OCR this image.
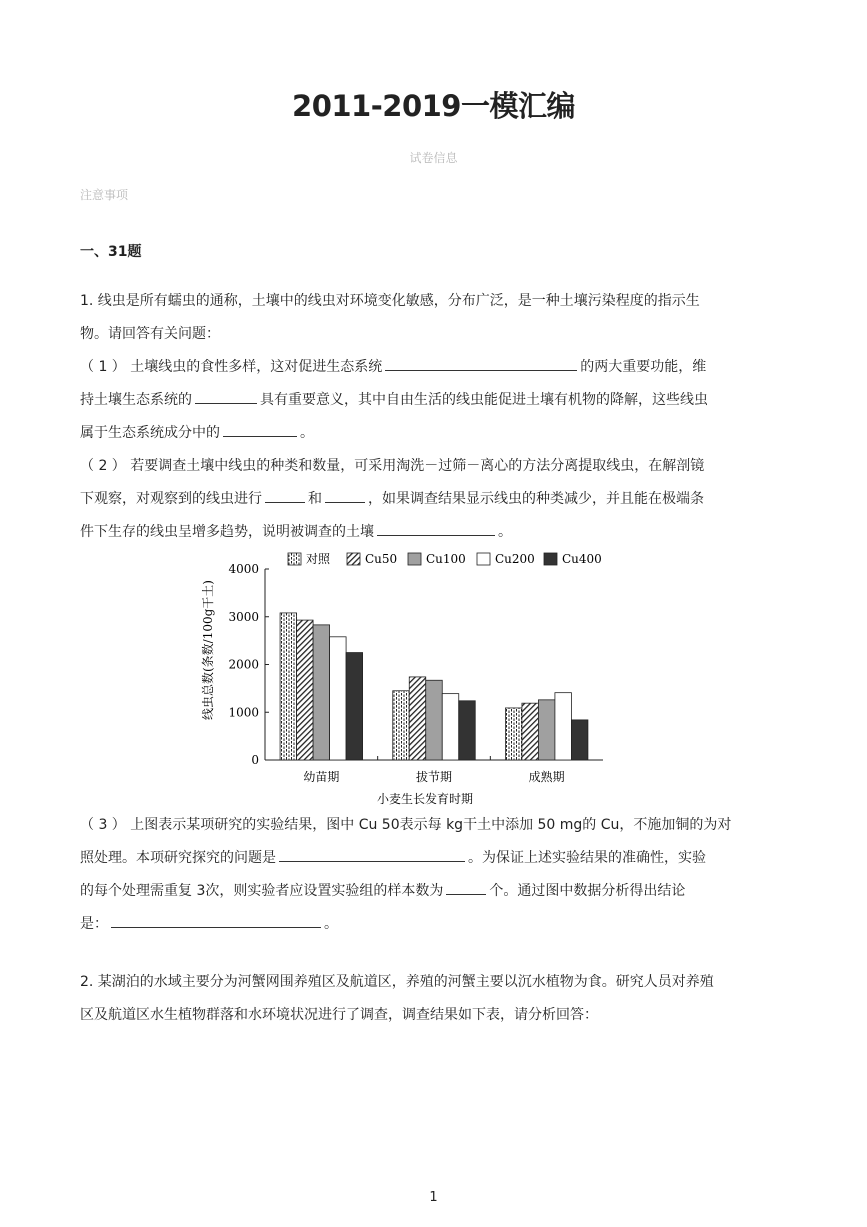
2011-2019一模汇编
试卷信息
注意事项
一、31题
1. 线虫是所有蠕虫的通称，土壤中的线虫对环境变化敏感，分布广泛，是一种土壤污染程度的指示生
物。请回答有关问题：
（ 1 ） 土壤线虫的食性多样，这对促进生态系统	的两大重要功能，维
持土壤生态系统的	具有重要意义，其中自由生活的线虫能促进土壤有机物的降解，这些线虫
属于生态系统成分中的	。
（ 2 ） 若要调查土壤中线虫的种类和数量，可采用淘洗－过筛－离心的方法分离提取线虫，在解剖镜
下观察，对观察到的线虫进行	和	，如果调查结果显示线虫的种类减少，并且能在极端条
件下生存的线虫呈增多趋势，说明被调查的土壤	。
对照	Cu50 Cu100 Cu200 Cu400
0
1000
2000
3000
4000
幼苗期	拔节期	成熟期
线虫总数(条数/100g干土)
小麦生长发育时期
（ 3 ） 上图表示某项研究的实验结果，图中 Cu 50表示每 kg干土中添加 50 mg的 Cu，不施加铜的为对
照处理。本项研究探究的问题是	。为保证上述实验结果的准确性，实验
的每个处理需重复 3次，则实验者应设置实验组的样本数为	个。通过图中数据分析得出结论
是：	。
2. 某湖泊的水域主要分为河蟹网围养殖区及航道区，养殖的河蟹主要以沉水植物为食。研究人员对养殖
区及航道区水生植物群落和水环境状况进行了调查，调查结果如下表，请分析回答：
1
